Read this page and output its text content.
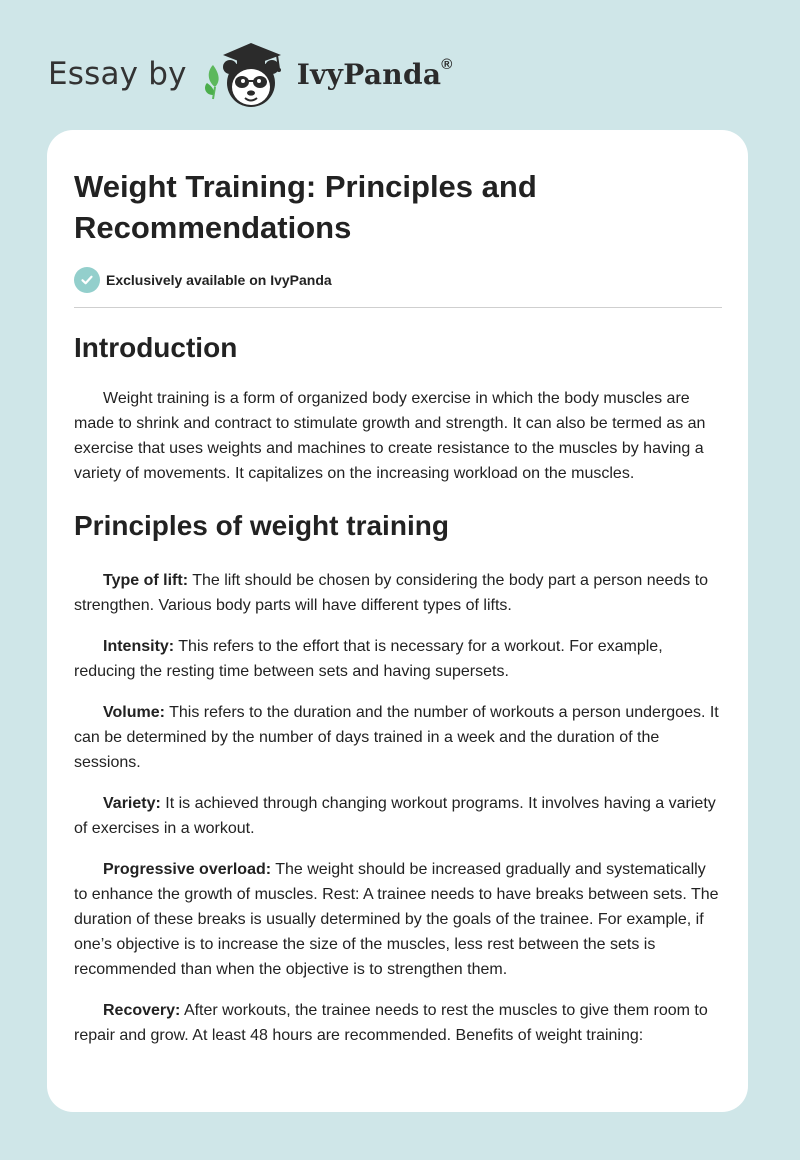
Essay by	IvyPanda®
Weight Training: Principles and Recommendations
Exclusively available on IvyPanda
Introduction

Weight training is a form of organized body exercise in which the body muscles are made to shrink and contract to stimulate growth and strength. It can also be termed as an exercise that uses weights and machines to create resistance to the muscles by having a variety of movements. It capitalizes on the increasing workload on the muscles.

Principles of weight training

Type of lift: The lift should be chosen by considering the body part a person needs to strengthen. Various body parts will have different types of lifts.

Intensity: This refers to the effort that is necessary for a workout. For example, reducing the resting time between sets and having supersets.

Volume: This refers to the duration and the number of workouts a person undergoes. It can be determined by the number of days trained in a week and the duration of the sessions.

Variety: It is achieved through changing workout programs. It involves having a variety of exercises in a workout.

Progressive overload: The weight should be increased gradually and systematically to enhance the growth of muscles. Rest: A trainee needs to have breaks between sets. The duration of these breaks is usually determined by the goals of the trainee. For example, if one’s objective is to increase the size of the muscles, less rest between the sets is recommended than when the objective is to strengthen them.

Recovery: After workouts, the trainee needs to rest the muscles to give them room to repair and grow. At least 48 hours are recommended. Benefits of weight training:
